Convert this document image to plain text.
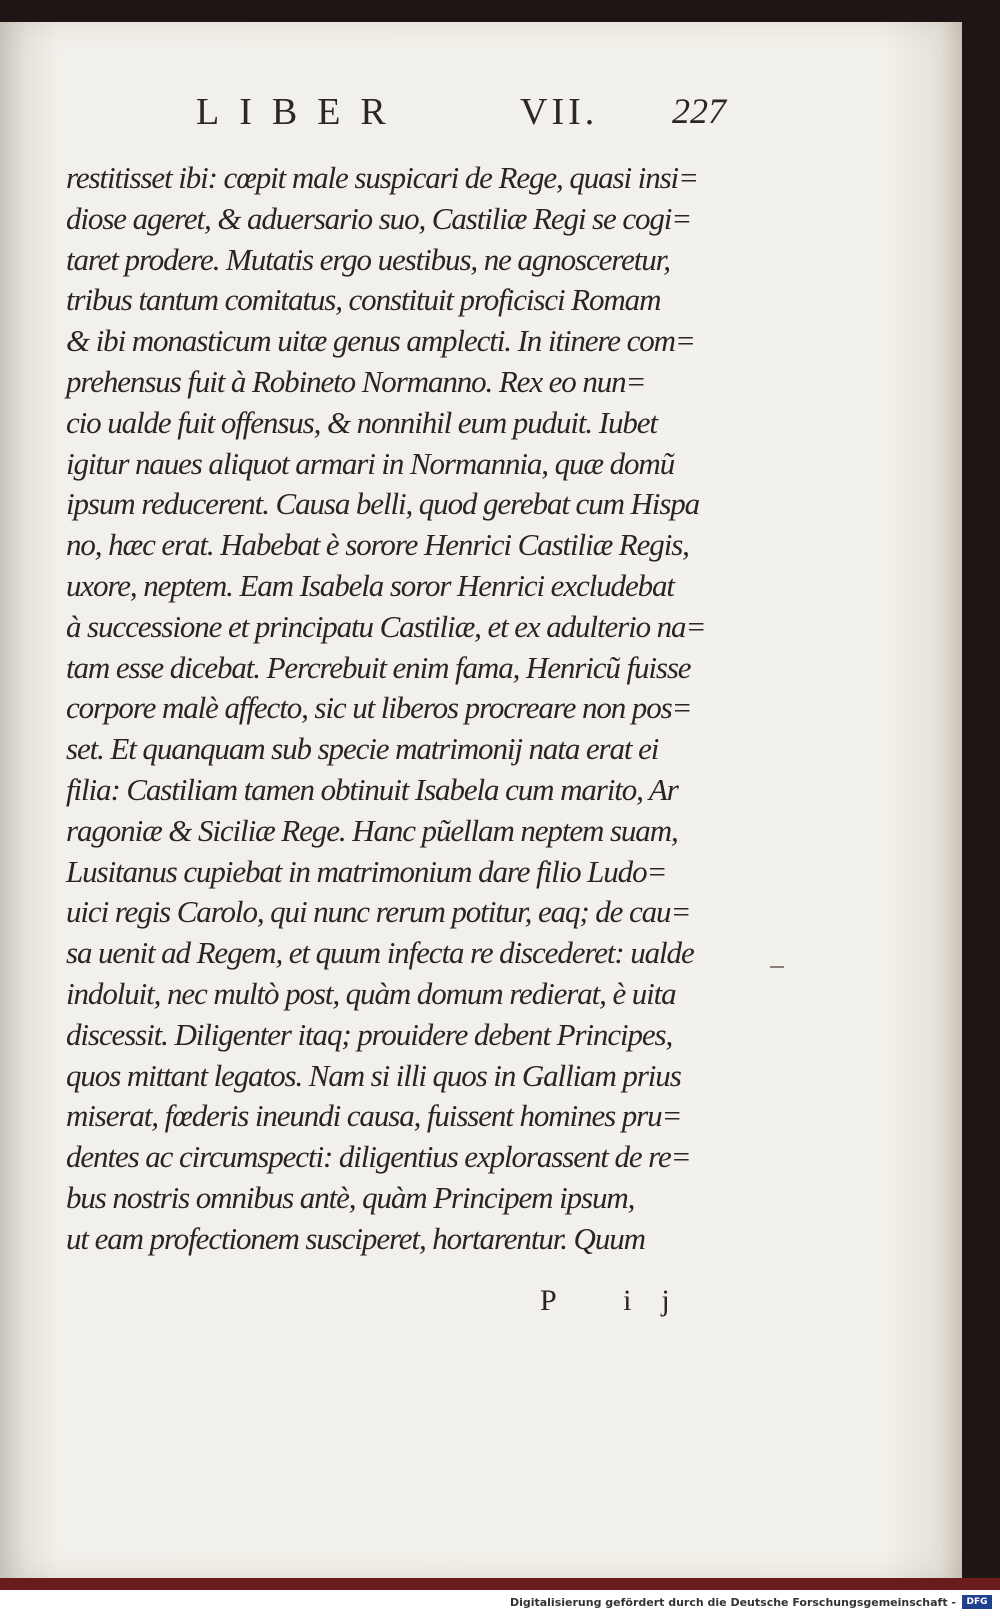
LIBER	VII. 227
restitisset ibi: cœpit male suspicari de Rege, quasi insi=
diose ageret, & aduersario suo, Castiliæ Regi se cogi=
taret prodere. Mutatis ergo uestibus, ne agnosceretur,
tribus tantum comitatus, constituit proficisci Romam
& ibi monasticum uitæ genus amplecti. In itinere com=
prehensus fuit à Robineto Normanno. Rex eo nun=
cio ualde fuit offensus, & nonnihil eum puduit. Iubet
igitur naues aliquot armari in Normannia, quæ domũ
ipsum reducerent. Causa belli, quod gerebat cum Hispa
no, hæc erat. Habebat è sorore Henrici Castiliæ Regis,
uxore, neptem. Eam Isabela soror Henrici excludebat
à successione et principatu Castiliæ, et ex adulterio na=
tam esse dicebat. Percrebuit enim fama, Henricũ fuisse
corpore malè affecto, sic ut liberos procreare non pos=
set. Et quanquam sub specie matrimonij nata erat ei
filia: Castiliam tamen obtinuit Isabela cum marito, Ar
ragoniæ & Siciliæ Rege. Hanc pũellam neptem suam,
Lusitanus cupiebat in matrimonium dare filio Ludo=
uici regis Carolo, qui nunc rerum potitur, eaq; de cau=
sa uenit ad Regem, et quum infecta re discederet: ualde
indoluit, nec multò post, quàm domum redierat, è uita
discessit. Diligenter itaq; prouidere debent Principes,
quos mittant legatos. Nam si illi quos in Galliam prius
miserat, fœderis ineundi causa, fuissent homines pru=
dentes ac circumspecti: diligentius explorassent de re=
bus nostris omnibus antè, quàm Principem ipsum,
ut eam profectionem susciperet, hortarentur. Quum
P ij
Digitalisierung gefördert durch die Deutsche Forschungsgemeinschaft -	DFG
